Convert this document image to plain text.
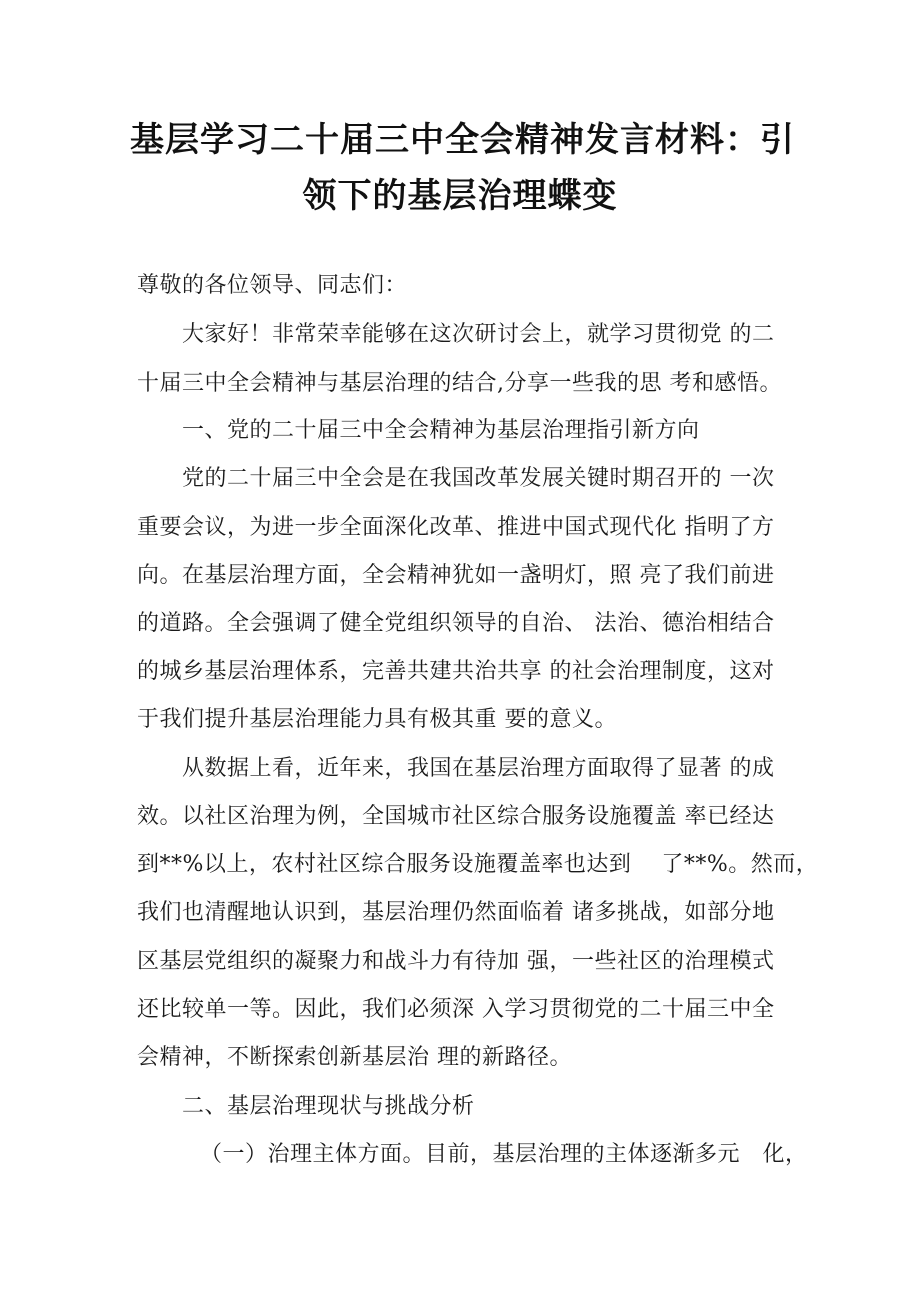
基层学习二十届三中全会精神发言材料：引
领下的基层治理蝶变
尊敬的各位领导、同志们：
大家好！非常荣幸能够在这次研讨会上，就学习贯彻党 的二
十届三中全会精神与基层治理的结合,分享一些我的思 考和感悟。
一、党的二十届三中全会精神为基层治理指引新方向
党的二十届三中全会是在我国改革发展关键时期召开的 一次
重要会议，为进一步全面深化改革、推进中国式现代化 指明了方
向。在基层治理方面，全会精神犹如一盏明灯，照 亮了我们前进
的道路。全会强调了健全党组织领导的自治、 法治、德治相结合
的城乡基层治理体系，完善共建共治共享 的社会治理制度，这对
于我们提升基层治理能力具有极其重 要的意义。
从数据上看，近年来，我国在基层治理方面取得了显著 的成
效。以社区治理为例，全国城市社区综合服务设施覆盖 率已经达
到**%以上，农村社区综合服务设施覆盖率也达到    了**%。然而，
我们也清醒地认识到，基层治理仍然面临着 诸多挑战，如部分地
区基层党组织的凝聚力和战斗力有待加 强，一些社区的治理模式
还比较单一等。因此，我们必须深 入学习贯彻党的二十届三中全
会精神，不断探索创新基层治 理的新路径。
二、基层治理现状与挑战分析
（一）治理主体方面。目前，基层治理的主体逐渐多元   化，
